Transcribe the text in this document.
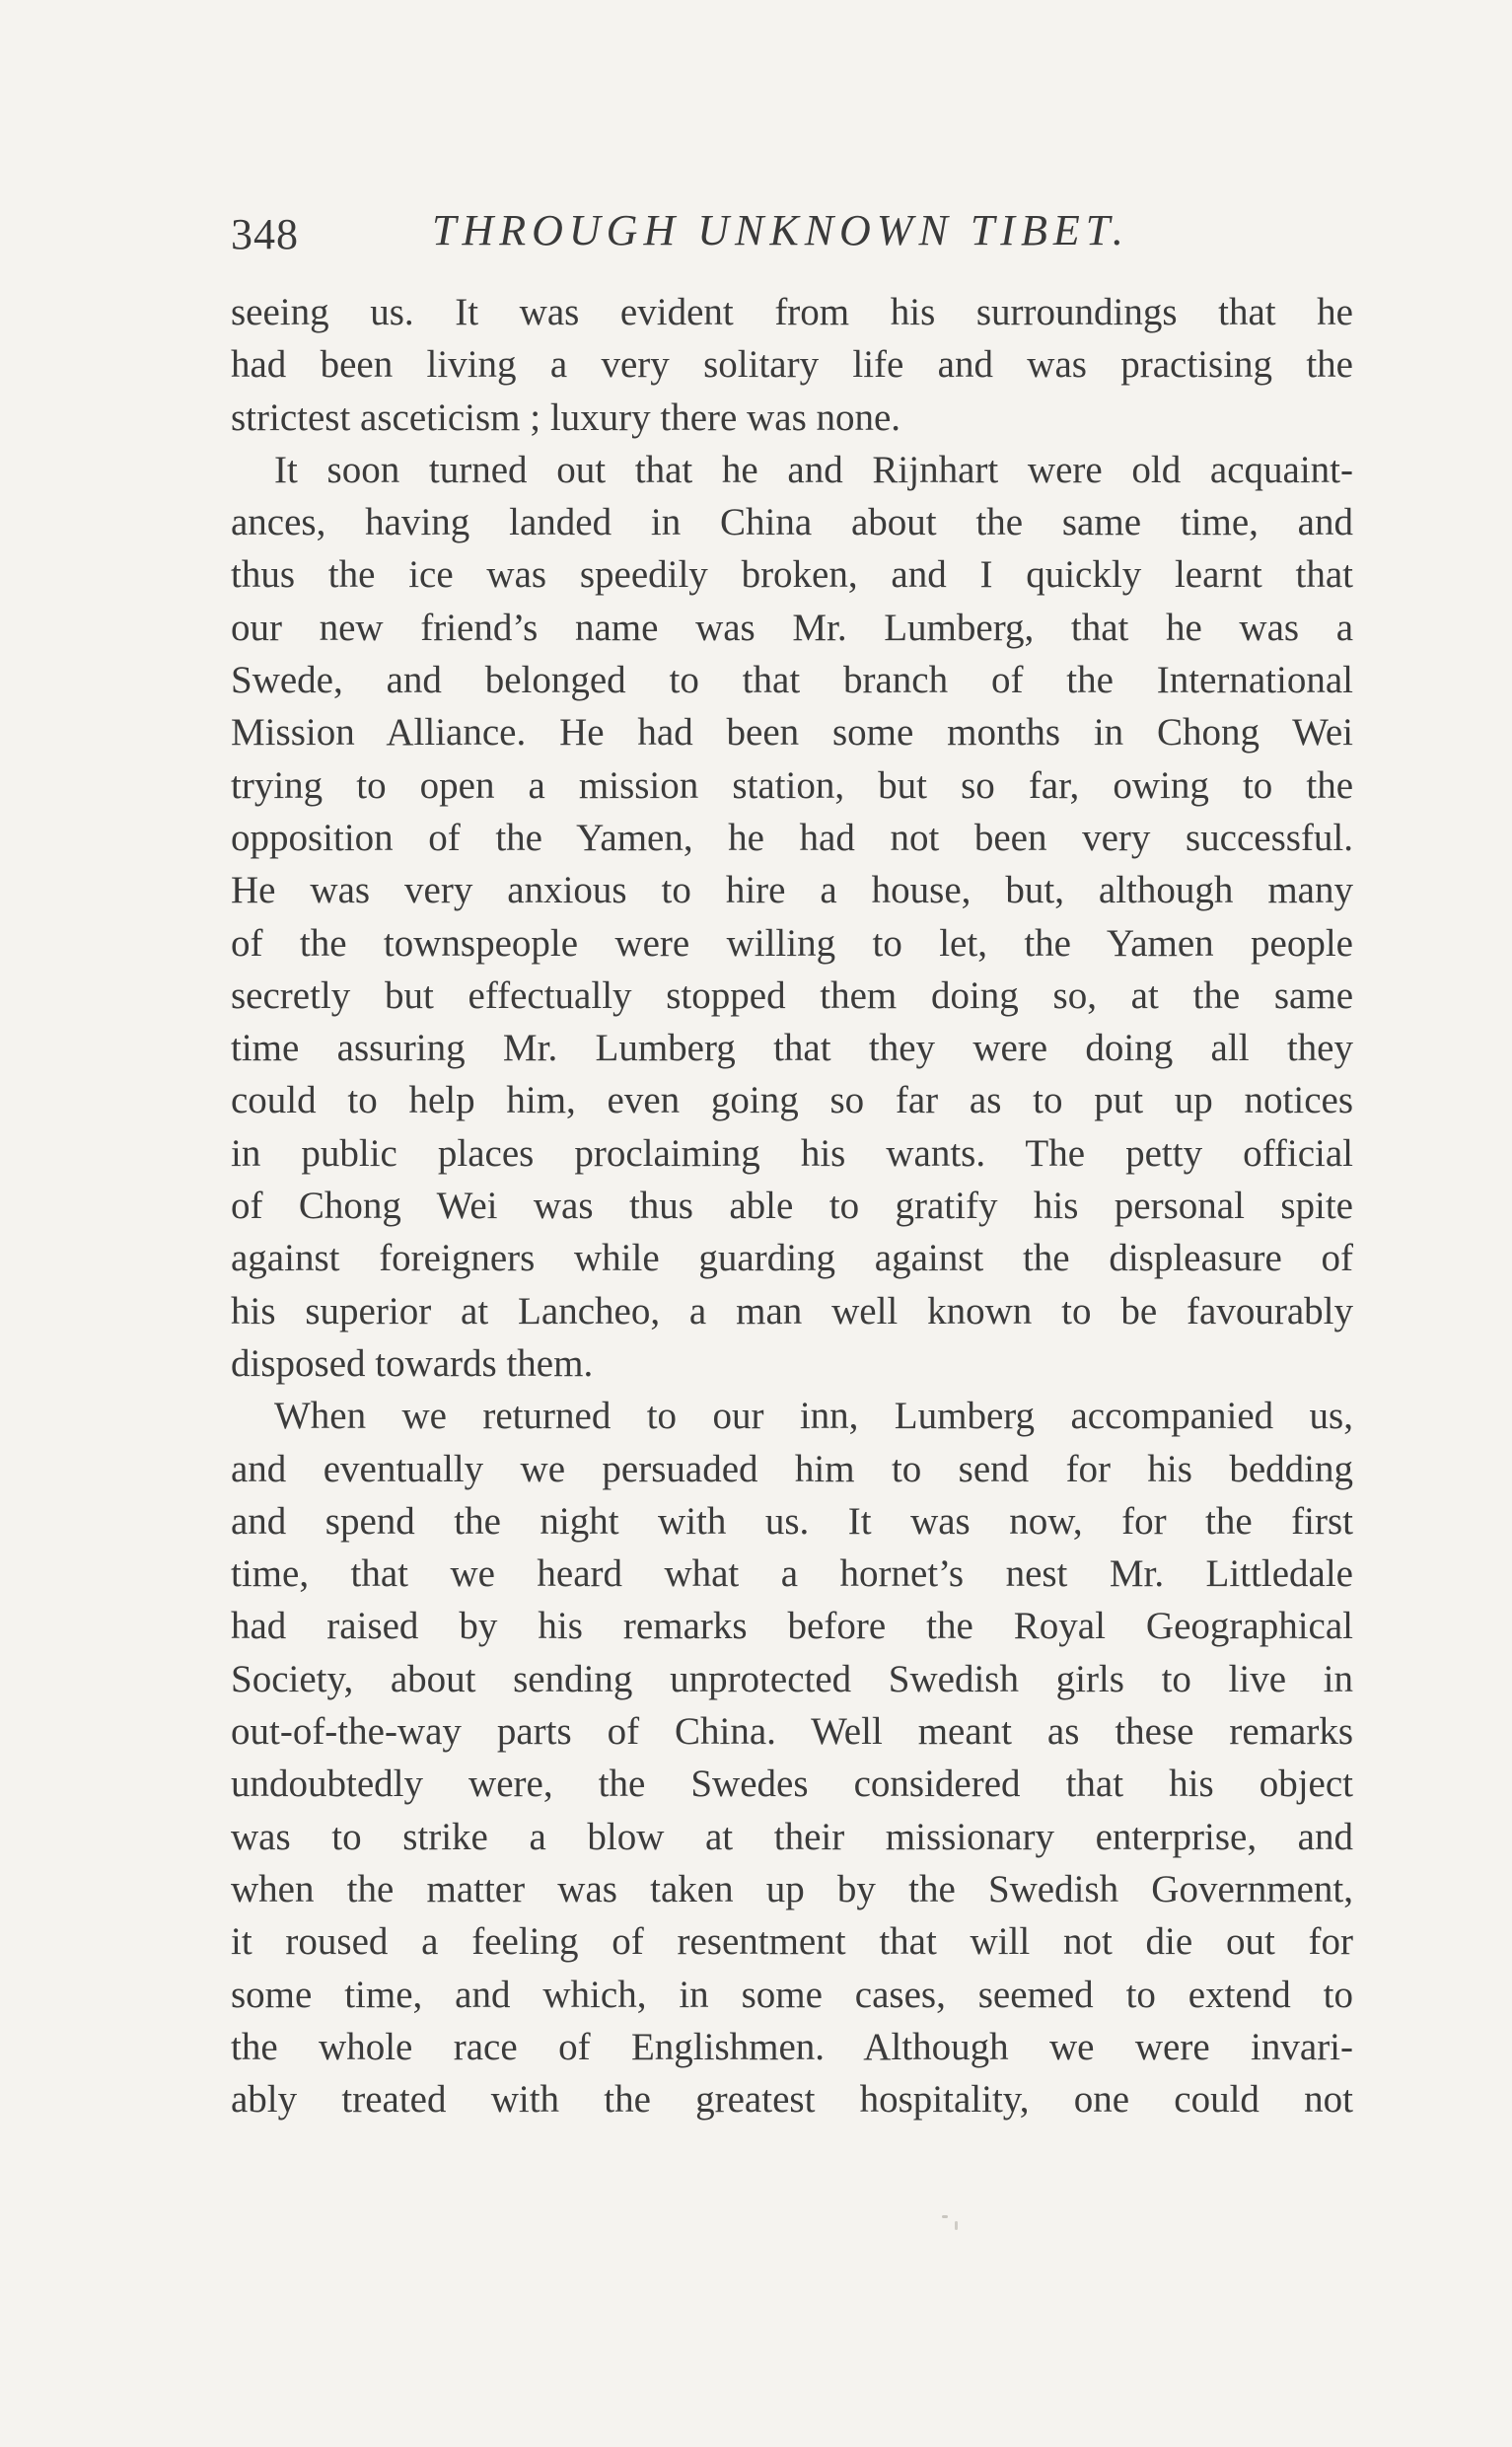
348	THROUGH UNKNOWN TIBET.
seeing us. It was evident from his surroundings that he
had been living a very solitary life and was practising the
strictest asceticism ; luxury there was none.
It soon turned out that he and Rijnhart were old acquaint-
ances, having landed in China about the same time, and
thus the ice was speedily broken, and I quickly learnt that
our new friend’s name was Mr. Lumberg, that he was a
Swede, and belonged to that branch of the International
Mission Alliance. He had been some months in Chong Wei
trying to open a mission station, but so far, owing to the
opposition of the Yamen, he had not been very successful.
He was very anxious to hire a house, but, although many
of the townspeople were willing to let, the Yamen people
secretly but effectually stopped them doing so, at the same
time assuring Mr. Lumberg that they were doing all they
could to help him, even going so far as to put up notices
in public places proclaiming his wants. The petty official
of Chong Wei was thus able to gratify his personal spite
against foreigners while guarding against the displeasure of
his superior at Lancheo, a man well known to be favourably
disposed towards them.
When we returned to our inn, Lumberg accompanied us,
and eventually we persuaded him to send for his bedding
and spend the night with us. It was now, for the first
time, that we heard what a hornet’s nest Mr. Littledale
had raised by his remarks before the Royal Geographical
Society, about sending unprotected Swedish girls to live in
out-of-the-way parts of China. Well meant as these remarks
undoubtedly were, the Swedes considered that his object
was to strike a blow at their missionary enterprise, and
when the matter was taken up by the Swedish Government,
it roused a feeling of resentment that will not die out for
some time, and which, in some cases, seemed to extend to
the whole race of Englishmen. Although we were invari-
ably treated with the greatest hospitality, one could not
